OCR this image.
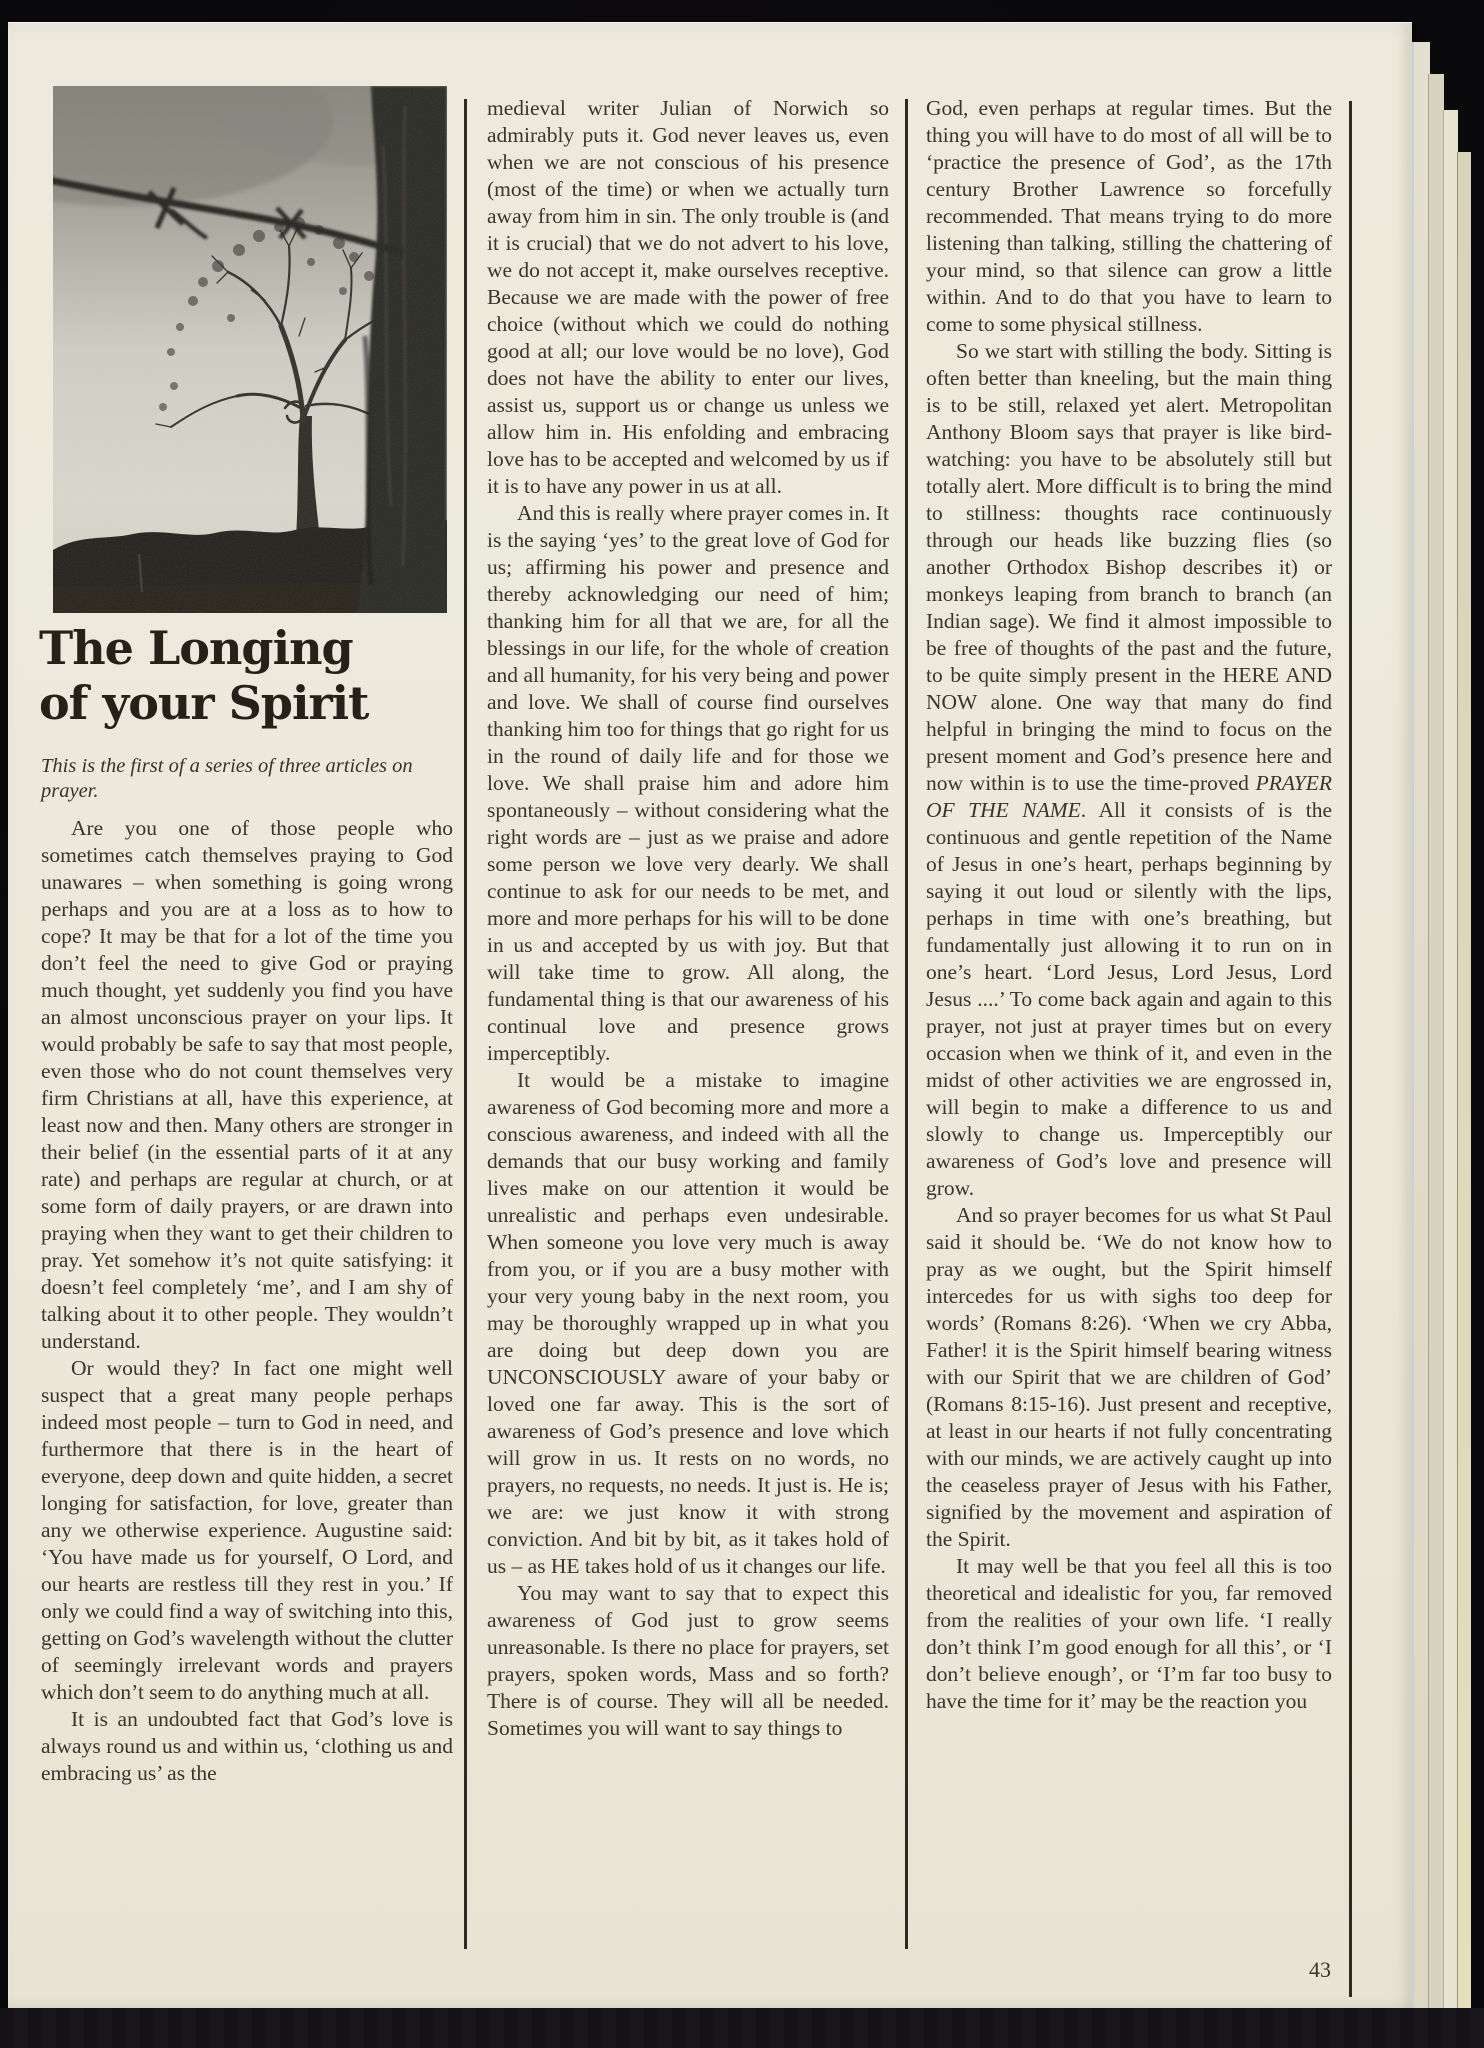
The Longing
of your Spirit

This is the first of a series of three articles on prayer.

Are you one of those people who sometimes catch themselves praying to God unawares – when something is going wrong perhaps and you are at a loss as to how to cope? It may be that for a lot of the time you don’t feel the need to give God or praying much thought, yet suddenly you find you have an almost unconscious prayer on your lips. It would probably be safe to say that most people, even those who do not count themselves very firm Christians at all, have this experience, at least now and then. Many others are stronger in their belief (in the essential parts of it at any rate) and perhaps are regular at church, or at some form of daily prayers, or are drawn into praying when they want to get their children to pray. Yet somehow it’s not quite satisfying: it doesn’t feel completely ‘me’, and I am shy of talking about it to other people. They wouldn’t understand.

Or would they? In fact one might well suspect that a great many people perhaps indeed most people – turn to God in need, and furthermore that there is in the heart of everyone, deep down and quite hidden, a secret longing for satisfaction, for love, greater than any we otherwise experience. Augustine said: ‘You have made us for yourself, O Lord, and our hearts are restless till they rest in you.’ If only we could find a way of switching into this, getting on God’s wavelength without the clutter of seemingly irrelevant words and prayers which don’t seem to do anything much at all.

It is an undoubted fact that God’s love is always round us and within us, ‘clothing us and embracing us’ as the

medieval writer Julian of Norwich so admirably puts it. God never leaves us, even when we are not conscious of his presence (most of the time) or when we actually turn away from him in sin. The only trouble is (and it is crucial) that we do not advert to his love, we do not accept it, make ourselves receptive. Because we are made with the power of free choice (without which we could do nothing good at all; our love would be no love), God does not have the ability to enter our lives, assist us, support us or change us unless we allow him in. His enfolding and embracing love has to be accepted and welcomed by us if it is to have any power in us at all.

And this is really where prayer comes in. It is the saying ‘yes’ to the great love of God for us; affirming his power and presence and thereby acknowledging our need of him; thanking him for all that we are, for all the blessings in our life, for the whole of creation and all humanity, for his very being and power and love. We shall of course find ourselves thanking him too for things that go right for us in the round of daily life and for those we love. We shall praise him and adore him spontaneously – without considering what the right words are – just as we praise and adore some person we love very dearly. We shall continue to ask for our needs to be met, and more and more perhaps for his will to be done in us and accepted by us with joy. But that will take time to grow. All along, the fundamental thing is that our awareness of his continual love and presence grows imperceptibly.

It would be a mistake to imagine awareness of God becoming more and more a conscious awareness, and indeed with all the demands that our busy working and family lives make on our attention it would be unrealistic and perhaps even undesirable. When someone you love very much is away from you, or if you are a busy mother with your very young baby in the next room, you may be thoroughly wrapped up in what you are doing but deep down you are UNCONSCIOUSLY aware of your baby or loved one far away. This is the sort of awareness of God’s presence and love which will grow in us. It rests on no words, no prayers, no requests, no needs. It just is. He is; we are: we just know it with strong conviction. And bit by bit, as it takes hold of us – as HE takes hold of us it changes our life.

You may want to say that to expect this awareness of God just to grow seems unreasonable. Is there no place for prayers, set prayers, spoken words, Mass and so forth? There is of course. They will all be needed. Sometimes you will want to say things to

God, even perhaps at regular times. But the thing you will have to do most of all will be to ‘practice the presence of God’, as the 17th century Brother Lawrence so forcefully recommended. That means trying to do more listening than talking, stilling the chattering of your mind, so that silence can grow a little within. And to do that you have to learn to come to some physical stillness.

So we start with stilling the body. Sitting is often better than kneeling, but the main thing is to be still, relaxed yet alert. Metropolitan Anthony Bloom says that prayer is like bird-watching: you have to be absolutely still but totally alert. More difficult is to bring the mind to stillness: thoughts race continuously through our heads like buzzing flies (so another Orthodox Bishop describes it) or monkeys leaping from branch to branch (an Indian sage). We find it almost impossible to be free of thoughts of the past and the future, to be quite simply present in the HERE AND NOW alone. One way that many do find helpful in bringing the mind to focus on the present moment and God’s presence here and now within is to use the time-proved PRAYER OF THE NAME. All it consists of is the continuous and gentle repetition of the Name of Jesus in one’s heart, perhaps beginning by saying it out loud or silently with the lips, perhaps in time with one’s breathing, but fundamentally just allowing it to run on in one’s heart. ‘Lord Jesus, Lord Jesus, Lord Jesus ....’ To come back again and again to this prayer, not just at prayer times but on every occasion when we think of it, and even in the midst of other activities we are engrossed in, will begin to make a difference to us and slowly to change us. Imperceptibly our awareness of God’s love and presence will grow.

And so prayer becomes for us what St Paul said it should be. ‘We do not know how to pray as we ought, but the Spirit himself intercedes for us with sighs too deep for words’ (Romans 8:26). ‘When we cry Abba, Father! it is the Spirit himself bearing witness with our Spirit that we are children of God’ (Romans 8:15-16). Just present and receptive, at least in our hearts if not fully concentrating with our minds, we are actively caught up into the ceaseless prayer of Jesus with his Father, signified by the movement and aspiration of the Spirit.

It may well be that you feel all this is too theoretical and idealistic for you, far removed from the realities of your own life. ‘I really don’t think I’m good enough for all this’, or ‘I don’t believe enough’, or ‘I’m far too busy to have the time for it’ may be the reaction you

43
